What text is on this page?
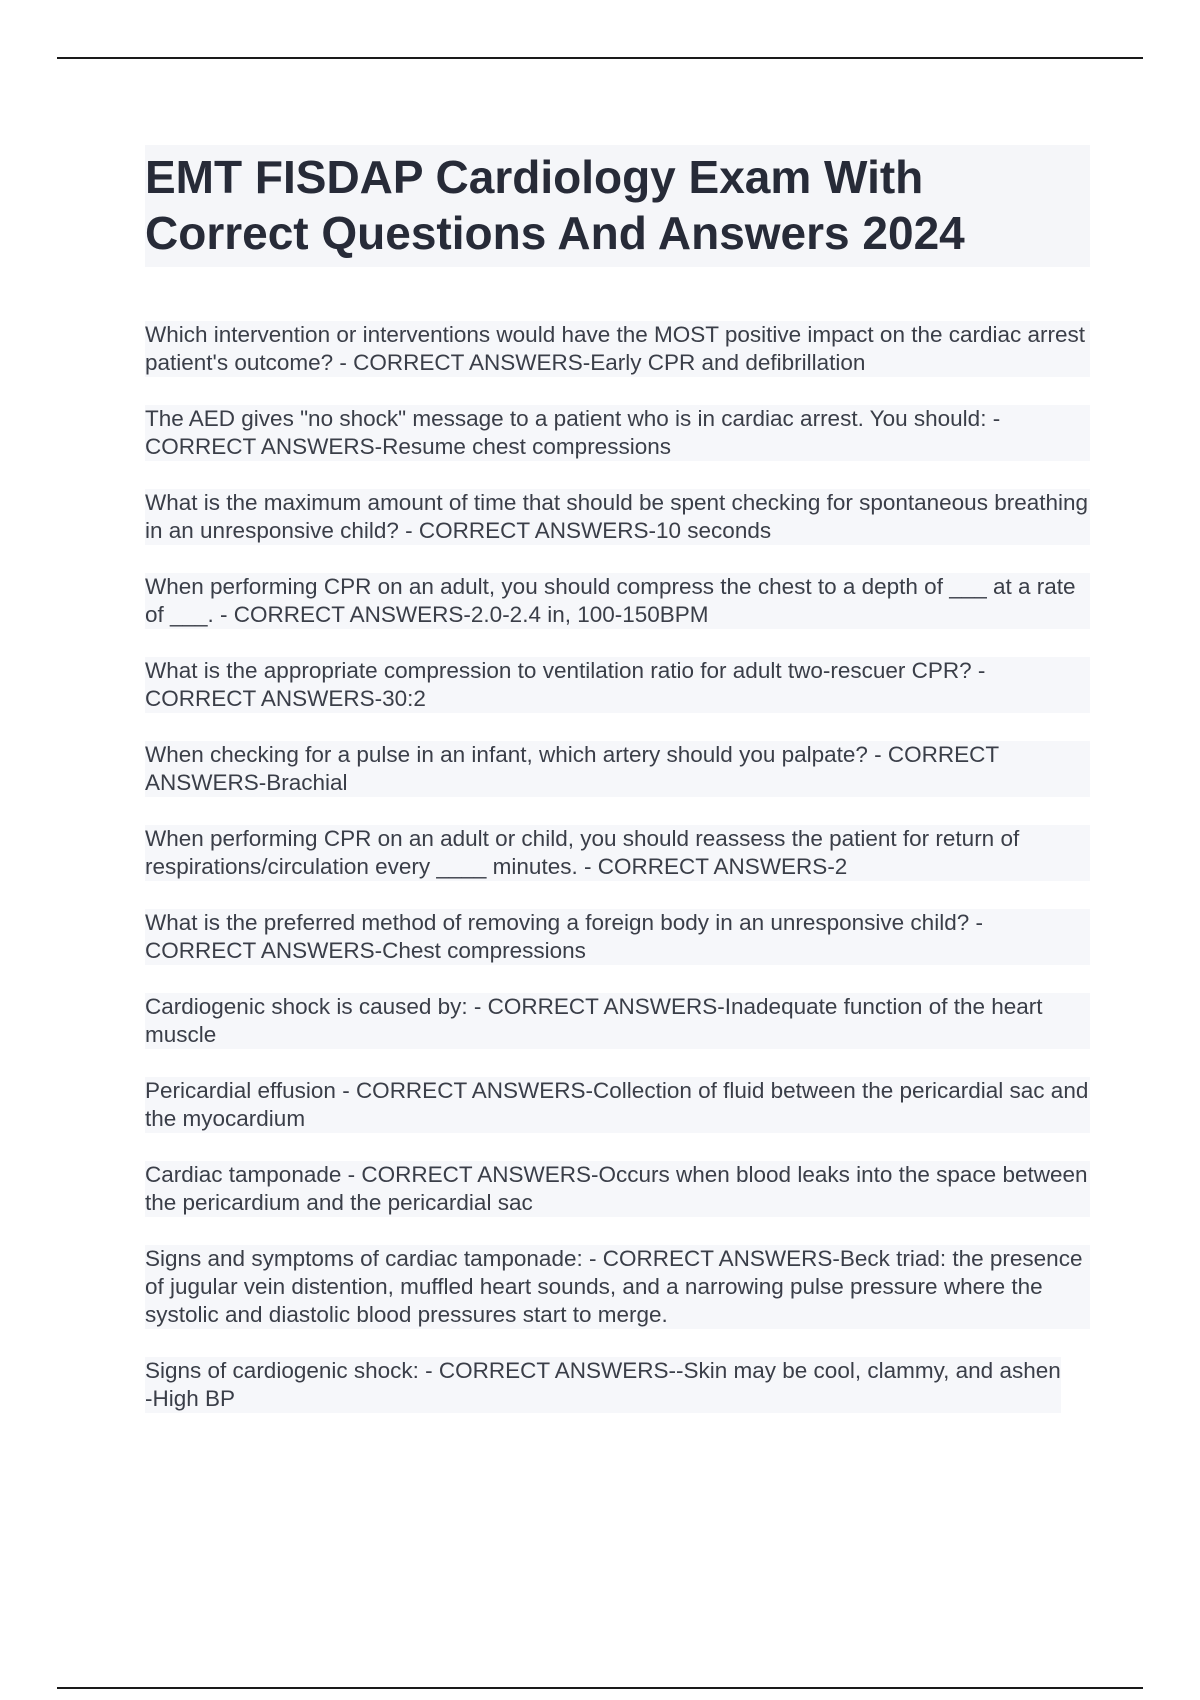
EMT FISDAP Cardiology Exam With Correct Questions And Answers 2024
Which intervention or interventions would have the MOST positive impact on the cardiac arrest patient's outcome? - CORRECT ANSWERS-Early CPR and defibrillation
The AED gives "no shock" message to a patient who is in cardiac arrest. You should: - CORRECT ANSWERS-Resume chest compressions
What is the maximum amount of time that should be spent checking for spontaneous breathing in an unresponsive child? - CORRECT ANSWERS-10 seconds
When performing CPR on an adult, you should compress the chest to a depth of ___ at a rate of ___. - CORRECT ANSWERS-2.0-2.4 in, 100-150BPM
What is the appropriate compression to ventilation ratio for adult two-rescuer CPR? - CORRECT ANSWERS-30:2
When checking for a pulse in an infant, which artery should you palpate? - CORRECT ANSWERS-Brachial
When performing CPR on an adult or child, you should reassess the patient for return of respirations/circulation every ____ minutes. - CORRECT ANSWERS-2
What is the preferred method of removing a foreign body in an unresponsive child? - CORRECT ANSWERS-Chest compressions
Cardiogenic shock is caused by: - CORRECT ANSWERS-Inadequate function of the heart muscle
Pericardial effusion - CORRECT ANSWERS-Collection of fluid between the pericardial sac and the myocardium
Cardiac tamponade - CORRECT ANSWERS-Occurs when blood leaks into the space between the pericardium and the pericardial sac
Signs and symptoms of cardiac tamponade: - CORRECT ANSWERS-Beck triad: the presence of jugular vein distention, muffled heart sounds, and a narrowing pulse pressure where the systolic and diastolic blood pressures start to merge.
Signs of cardiogenic shock: - CORRECT ANSWERS--Skin may be cool, clammy, and ashen
-High BP
